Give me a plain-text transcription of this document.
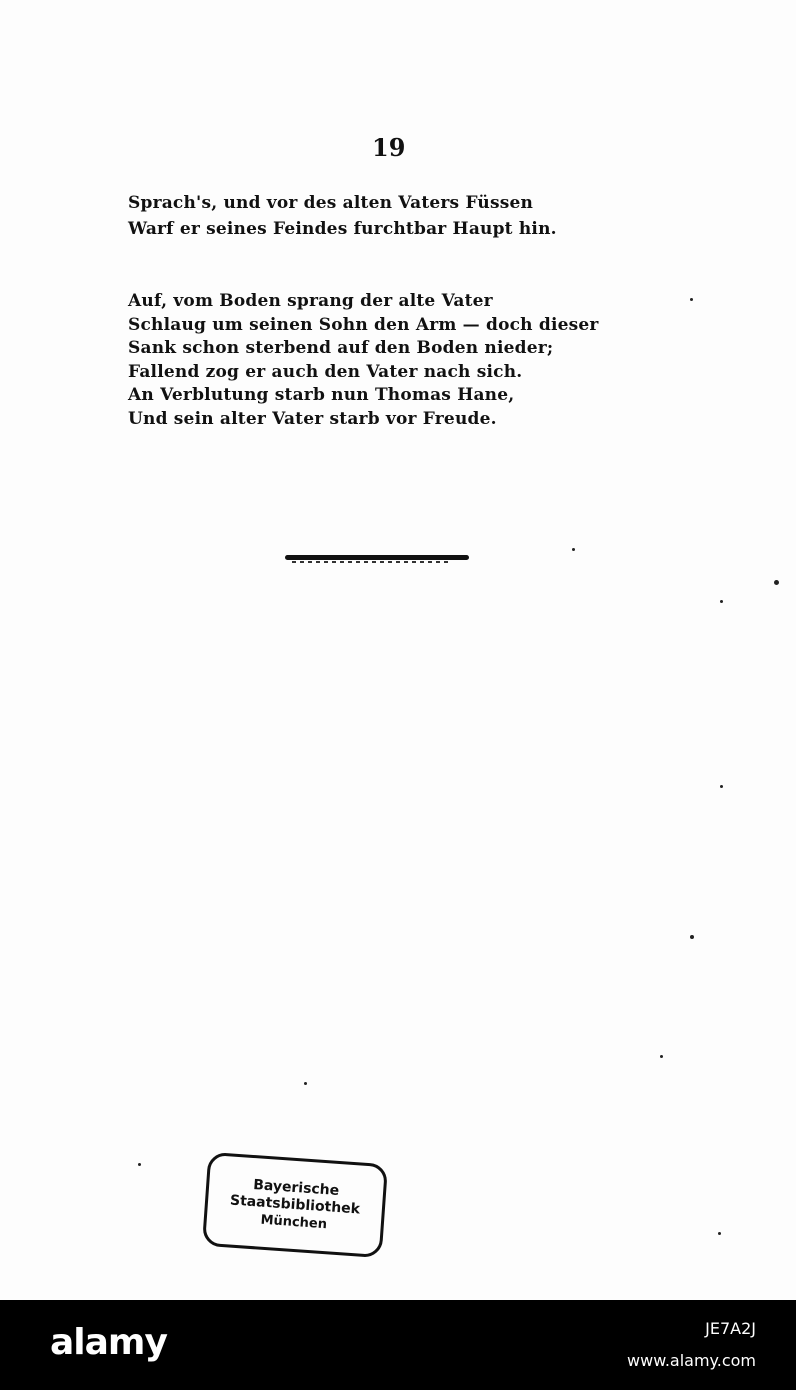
19
Sprach's, und vor des alten Vaters Füssen
Warf er seines Feindes furchtbar Haupt hin.
Auf, vom Boden sprang der alte Vater
Schlaug um seinen Sohn den Arm — doch dieser
Sank schon sterbend auf den Boden nieder;
Fallend zog er auch den Vater nach sich.
An Verblutung starb nun Thomas Hane,
Und sein alter Vater starb vor Freude.
Bayerische
Staatsbibliothek
München
alamy	JE7A2J
www.alamy.com
